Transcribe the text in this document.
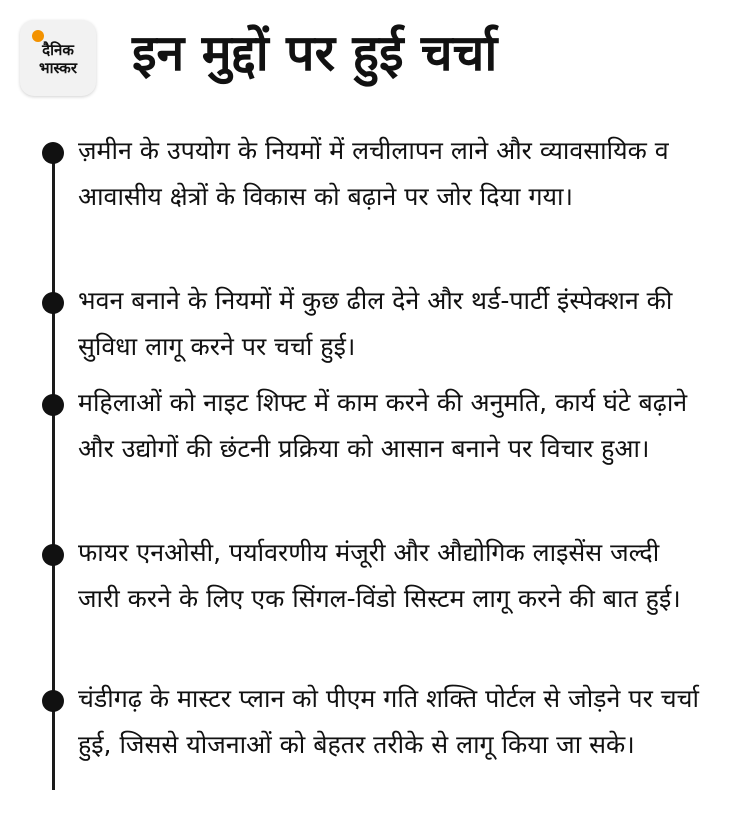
दैनिक
भास्कर	इन मुद्दों पर हुई चर्चा
ज़मीन के उपयोग के नियमों में लचीलापन लाने और व्यावसायिक व आवासीय क्षेत्रों के विकास को बढ़ाने पर जोर दिया गया।
भवन बनाने के नियमों में कुछ ढील देने और थर्ड-पार्टी इंस्पेक्शन की सुविधा लागू करने पर चर्चा हुई।
महिलाओं को नाइट शिफ्ट में काम करने की अनुमति, कार्य घंटे बढ़ाने और उद्योगों की छंटनी प्रक्रिया को आसान बनाने पर विचार हुआ।
फायर एनओसी, पर्यावरणीय मंजूरी और औद्योगिक लाइसेंस जल्दी जारी करने के लिए एक सिंगल-विंडो सिस्टम लागू करने की बात हुई।
चंडीगढ़ के मास्टर प्लान को पीएम गति शक्ति पोर्टल से जोड़ने पर चर्चा हुई, जिससे योजनाओं को बेहतर तरीके से लागू किया जा सके।
